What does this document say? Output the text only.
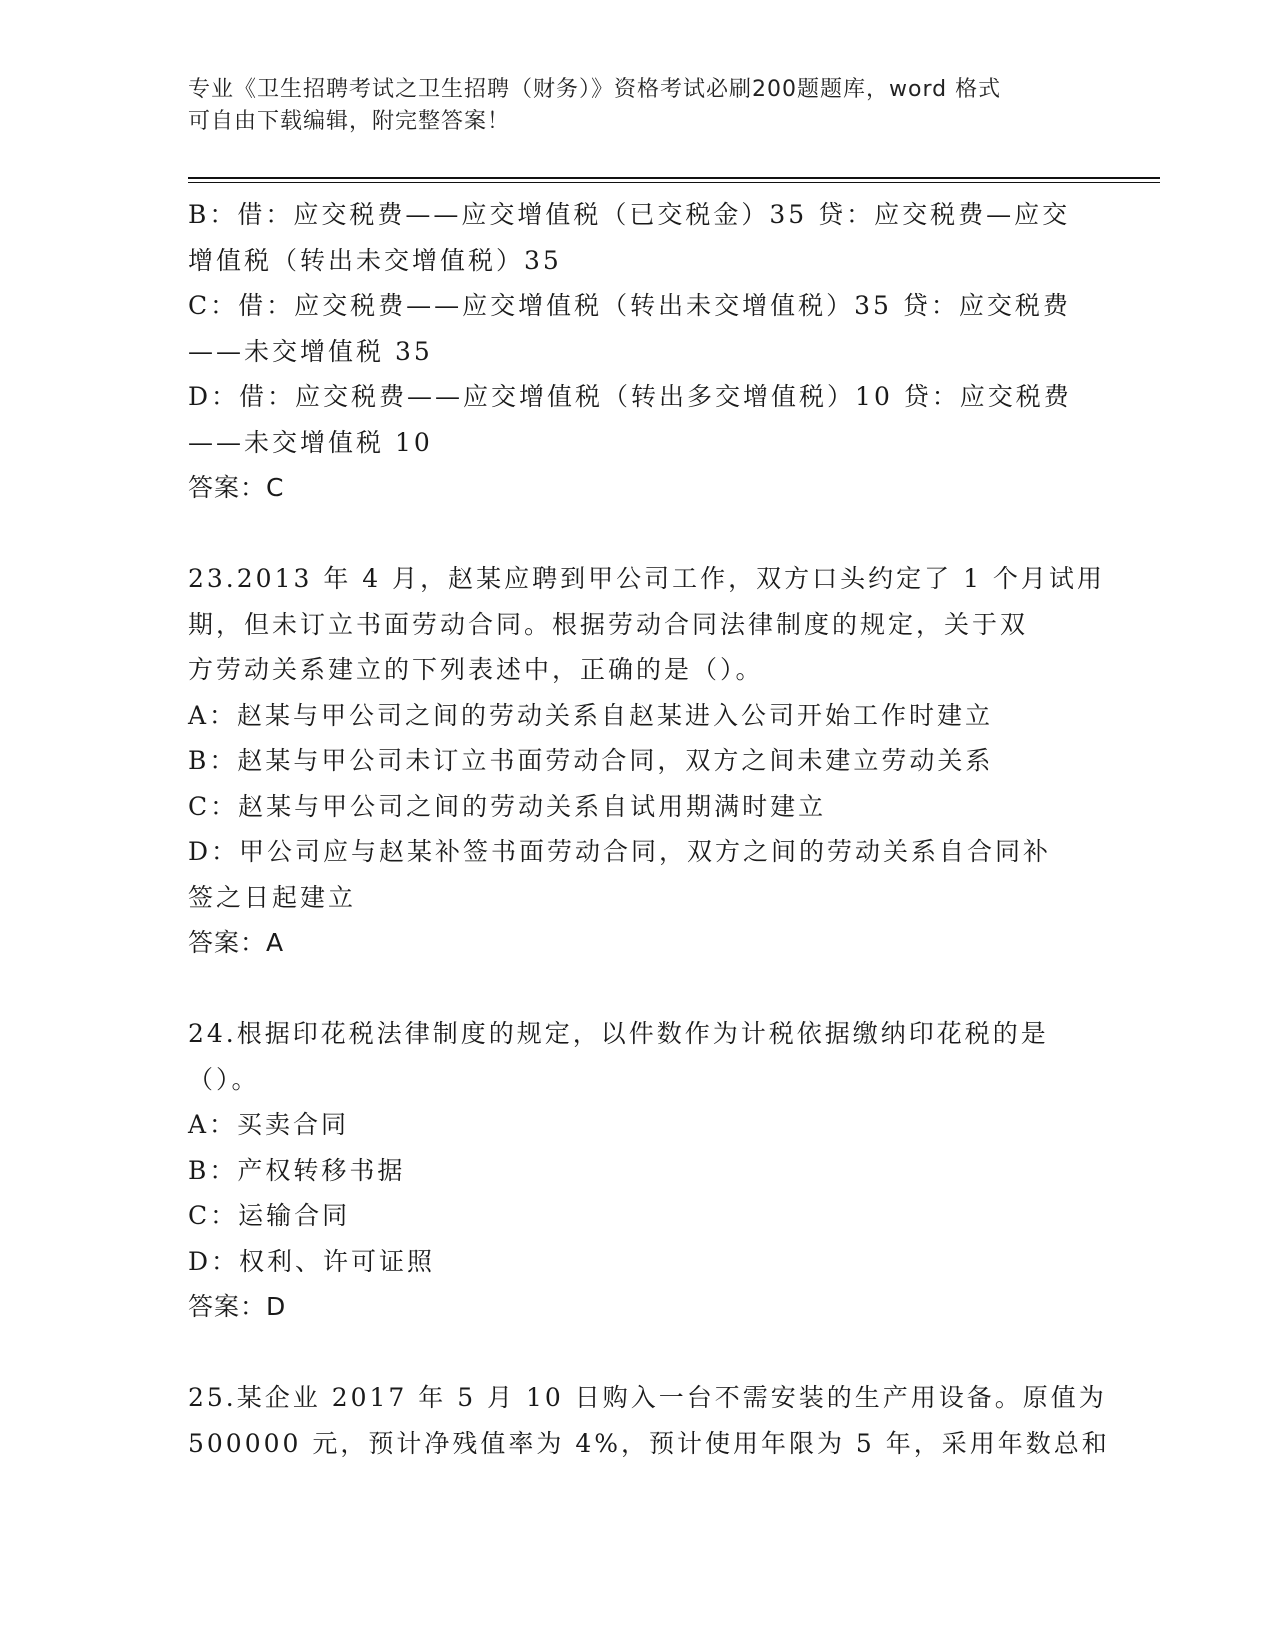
专业《卫生招聘考试之卫生招聘（财务）》资格考试必刷200题题库，word 格式
可自由下载编辑，附完整答案！
B：借：应交税费——应交增值税（已交税金）35 贷：应交税费—应交
增值税（转出未交增值税）35
C：借：应交税费——应交增值税（转出未交增值税）35 贷：应交税费
——未交增值税 35
D：借：应交税费——应交增值税（转出多交增值税）10 贷：应交税费
——未交增值税 10
答案：C
23.2013 年 4 月，赵某应聘到甲公司工作，双方口头约定了 1 个月试用
期，但未订立书面劳动合同。根据劳动合同法律制度的规定，关于双
方劳动关系建立的下列表述中，正确的是（）。
A：赵某与甲公司之间的劳动关系自赵某进入公司开始工作时建立
B：赵某与甲公司未订立书面劳动合同，双方之间未建立劳动关系
C：赵某与甲公司之间的劳动关系自试用期满时建立
D：甲公司应与赵某补签书面劳动合同，双方之间的劳动关系自合同补
签之日起建立
答案：A
24.根据印花税法律制度的规定，以件数作为计税依据缴纳印花税的是
（）。
A：买卖合同
B：产权转移书据
C：运输合同
D：权利、许可证照
答案：D
25.某企业 2017 年 5 月 10 日购入一台不需安装的生产用设备。原值为
500000 元，预计净残值率为 4%，预计使用年限为 5 年，采用年数总和
